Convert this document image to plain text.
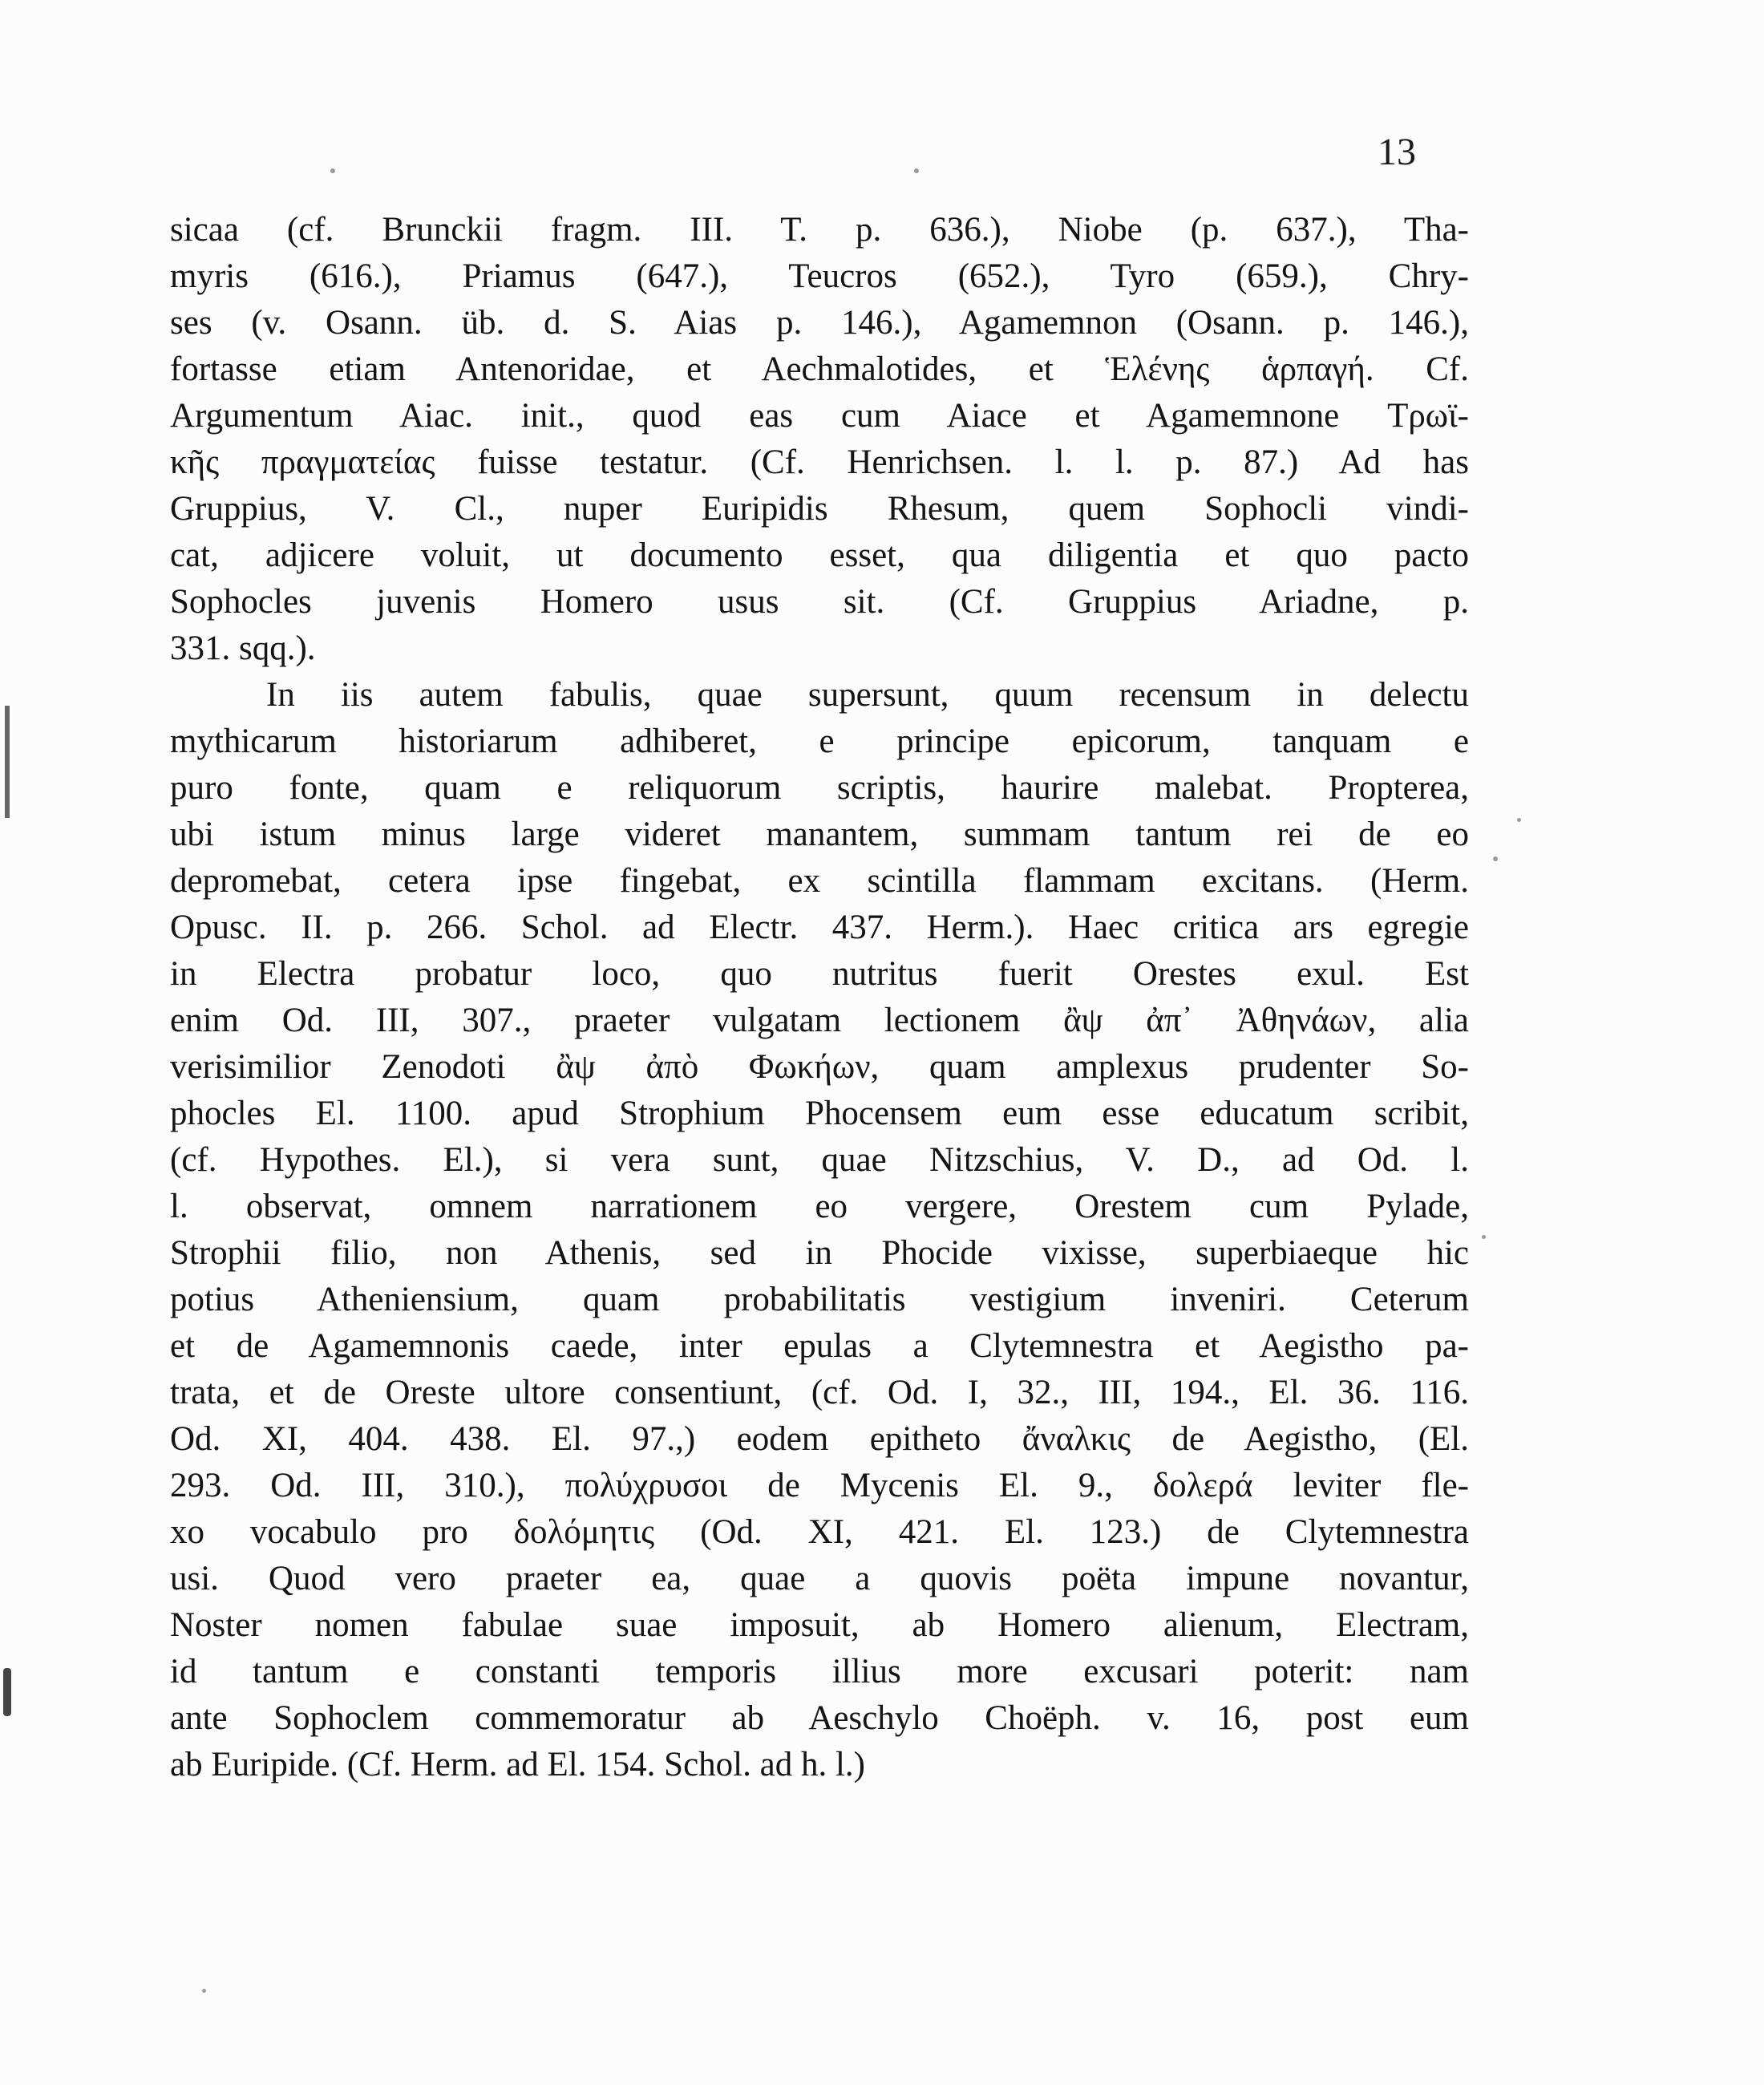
13
sicaa (cf. Brunckii fragm. III. T. p. 636.), Niobe (p. 637.), Tha-
myris (616.), Priamus (647.), Teucros (652.), Tyro (659.), Chry-
ses (v. Osann. üb. d. S. Aias p. 146.), Agamemnon (Osann. p. 146.),
fortasse etiam Antenoridae, et Aechmalotides, et Ἑλένης ἁρπαγή. Cf.
Argumentum Aiac. init., quod eas cum Aiace et Agamemnone Τρωϊ-
κῆς πραγματείας fuisse testatur. (Cf. Henrichsen. l. l. p. 87.) Ad has
Gruppius, V. Cl., nuper Euripidis Rhesum, quem Sophocli vindi-
cat, adjicere voluit, ut documento esset, qua diligentia et quo pacto
Sophocles juvenis Homero usus sit. (Cf. Gruppius Ariadne, p.
331. sqq.).
In iis autem fabulis, quae supersunt, quum recensum in delectu
mythicarum historiarum adhiberet, e principe epicorum, tanquam e
puro fonte, quam e reliquorum scriptis, haurire malebat. Propterea,
ubi istum minus large videret manantem, summam tantum rei de eo
depromebat, cetera ipse fingebat, ex scintilla flammam excitans. (Herm.
Opusc. II. p. 266. Schol. ad Electr. 437. Herm.). Haec critica ars egregie
in Electra probatur loco, quo nutritus fuerit Orestes exul. Est
enim Od. III, 307., praeter vulgatam lectionem ἂψ ἀπ᾽ Ἀθηνάων, alia
verisimilior Zenodoti ἂψ ἀπὸ Φωκήων, quam amplexus prudenter So-
phocles El. 1100. apud Strophium Phocensem eum esse educatum scribit,
(cf. Hypothes. El.), si vera sunt, quae Nitzschius, V. D., ad Od. l.
l. observat, omnem narrationem eo vergere, Orestem cum Pylade,
Strophii filio, non Athenis, sed in Phocide vixisse, superbiaeque hic
potius Atheniensium, quam probabilitatis vestigium inveniri. Ceterum
et de Agamemnonis caede, inter epulas a Clytemnestra et Aegistho pa-
trata, et de Oreste ultore consentiunt, (cf. Od. I, 32., III, 194., El. 36. 116.
Od. XI, 404. 438. El. 97.,) eodem epitheto ἄναλκις de Aegistho, (El.
293. Od. III, 310.), πολύχρυσοι de Mycenis El. 9., δολερά leviter fle-
xo vocabulo pro δολόμητις (Od. XI, 421. El. 123.) de Clytemnestra
usi. Quod vero praeter ea, quae a quovis poëta impune novantur,
Noster nomen fabulae suae imposuit, ab Homero alienum, Electram,
id tantum e constanti temporis illius more excusari poterit: nam
ante Sophoclem commemoratur ab Aeschylo Choëph. v. 16, post eum
ab Euripide. (Cf. Herm. ad El. 154. Schol. ad h. l.)
